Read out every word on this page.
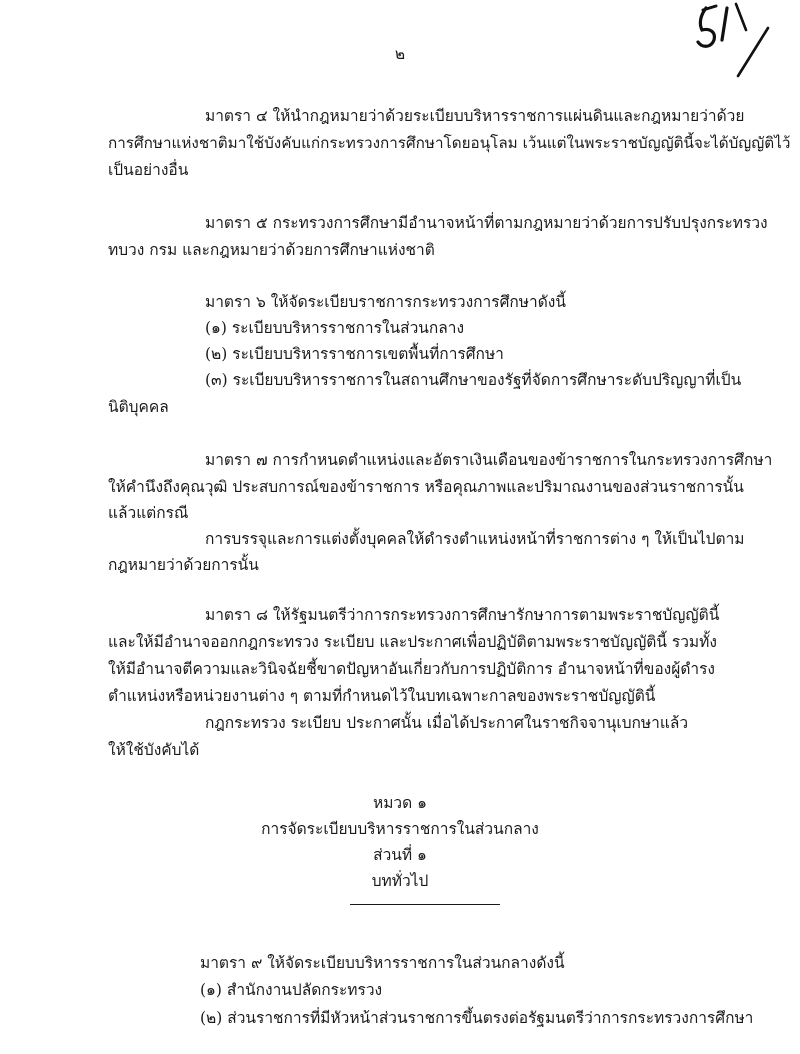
๒
มาตรา ๔ ให้นำกฎหมายว่าด้วยระเบียบบริหารราชการแผ่นดินและกฎหมายว่าด้วย
การศึกษาแห่งชาติมาใช้บังคับแก่กระทรวงการศึกษาโดยอนุโลม เว้นแต่ในพระราชบัญญัตินี้จะได้บัญญัติไว้
เป็นอย่างอื่น
มาตรา ๕ กระทรวงการศึกษามีอำนาจหน้าที่ตามกฎหมายว่าด้วยการปรับปรุงกระทรวง
ทบวง กรม และกฎหมายว่าด้วยการศึกษาแห่งชาติ
มาตรา ๖ ให้จัดระเบียบราชการกระทรวงการศึกษาดังนี้
(๑) ระเบียบบริหารราชการในส่วนกลาง
(๒) ระเบียบบริหารราชการเขตพื้นที่การศึกษา
(๓) ระเบียบบริหารราชการในสถานศึกษาของรัฐที่จัดการศึกษาระดับปริญญาที่เป็น
นิติบุคคล
มาตรา ๗ การกำหนดตำแหน่งและอัตราเงินเดือนของข้าราชการในกระทรวงการศึกษา
ให้คำนึงถึงคุณวุฒิ ประสบการณ์ของข้าราชการ หรือคุณภาพและปริมาณงานของส่วนราชการนั้น
แล้วแต่กรณี
การบรรจุและการแต่งตั้งบุคคลให้ดำรงตำแหน่งหน้าที่ราชการต่าง ๆ ให้เป็นไปตาม
กฎหมายว่าด้วยการนั้น
มาตรา ๘ ให้รัฐมนตรีว่าการกระทรวงการศึกษารักษาการตามพระราชบัญญัตินี้
และให้มีอำนาจออกกฎกระทรวง ระเบียบ และประกาศเพื่อปฏิบัติตามพระราชบัญญัตินี้ รวมทั้ง
ให้มีอำนาจตีความและวินิจฉัยชี้ขาดปัญหาอันเกี่ยวกับการปฏิบัติการ อำนาจหน้าที่ของผู้ดำรง
ตำแหน่งหรือหน่วยงานต่าง ๆ ตามที่กำหนดไว้ในบทเฉพาะกาลของพระราชบัญญัตินี้
กฎกระทรวง ระเบียบ ประกาศนั้น เมื่อได้ประกาศในราชกิจจานุเบกษาแล้ว
ให้ใช้บังคับได้
หมวด ๑
การจัดระเบียบบริหารราชการในส่วนกลาง
ส่วนที่ ๑
บททั่วไป
มาตรา ๙ ให้จัดระเบียบบริหารราชการในส่วนกลางดังนี้
(๑) สำนักงานปลัดกระทรวง
(๒) ส่วนราชการที่มีหัวหน้าส่วนราชการขึ้นตรงต่อรัฐมนตรีว่าการกระทรวงการศึกษา
